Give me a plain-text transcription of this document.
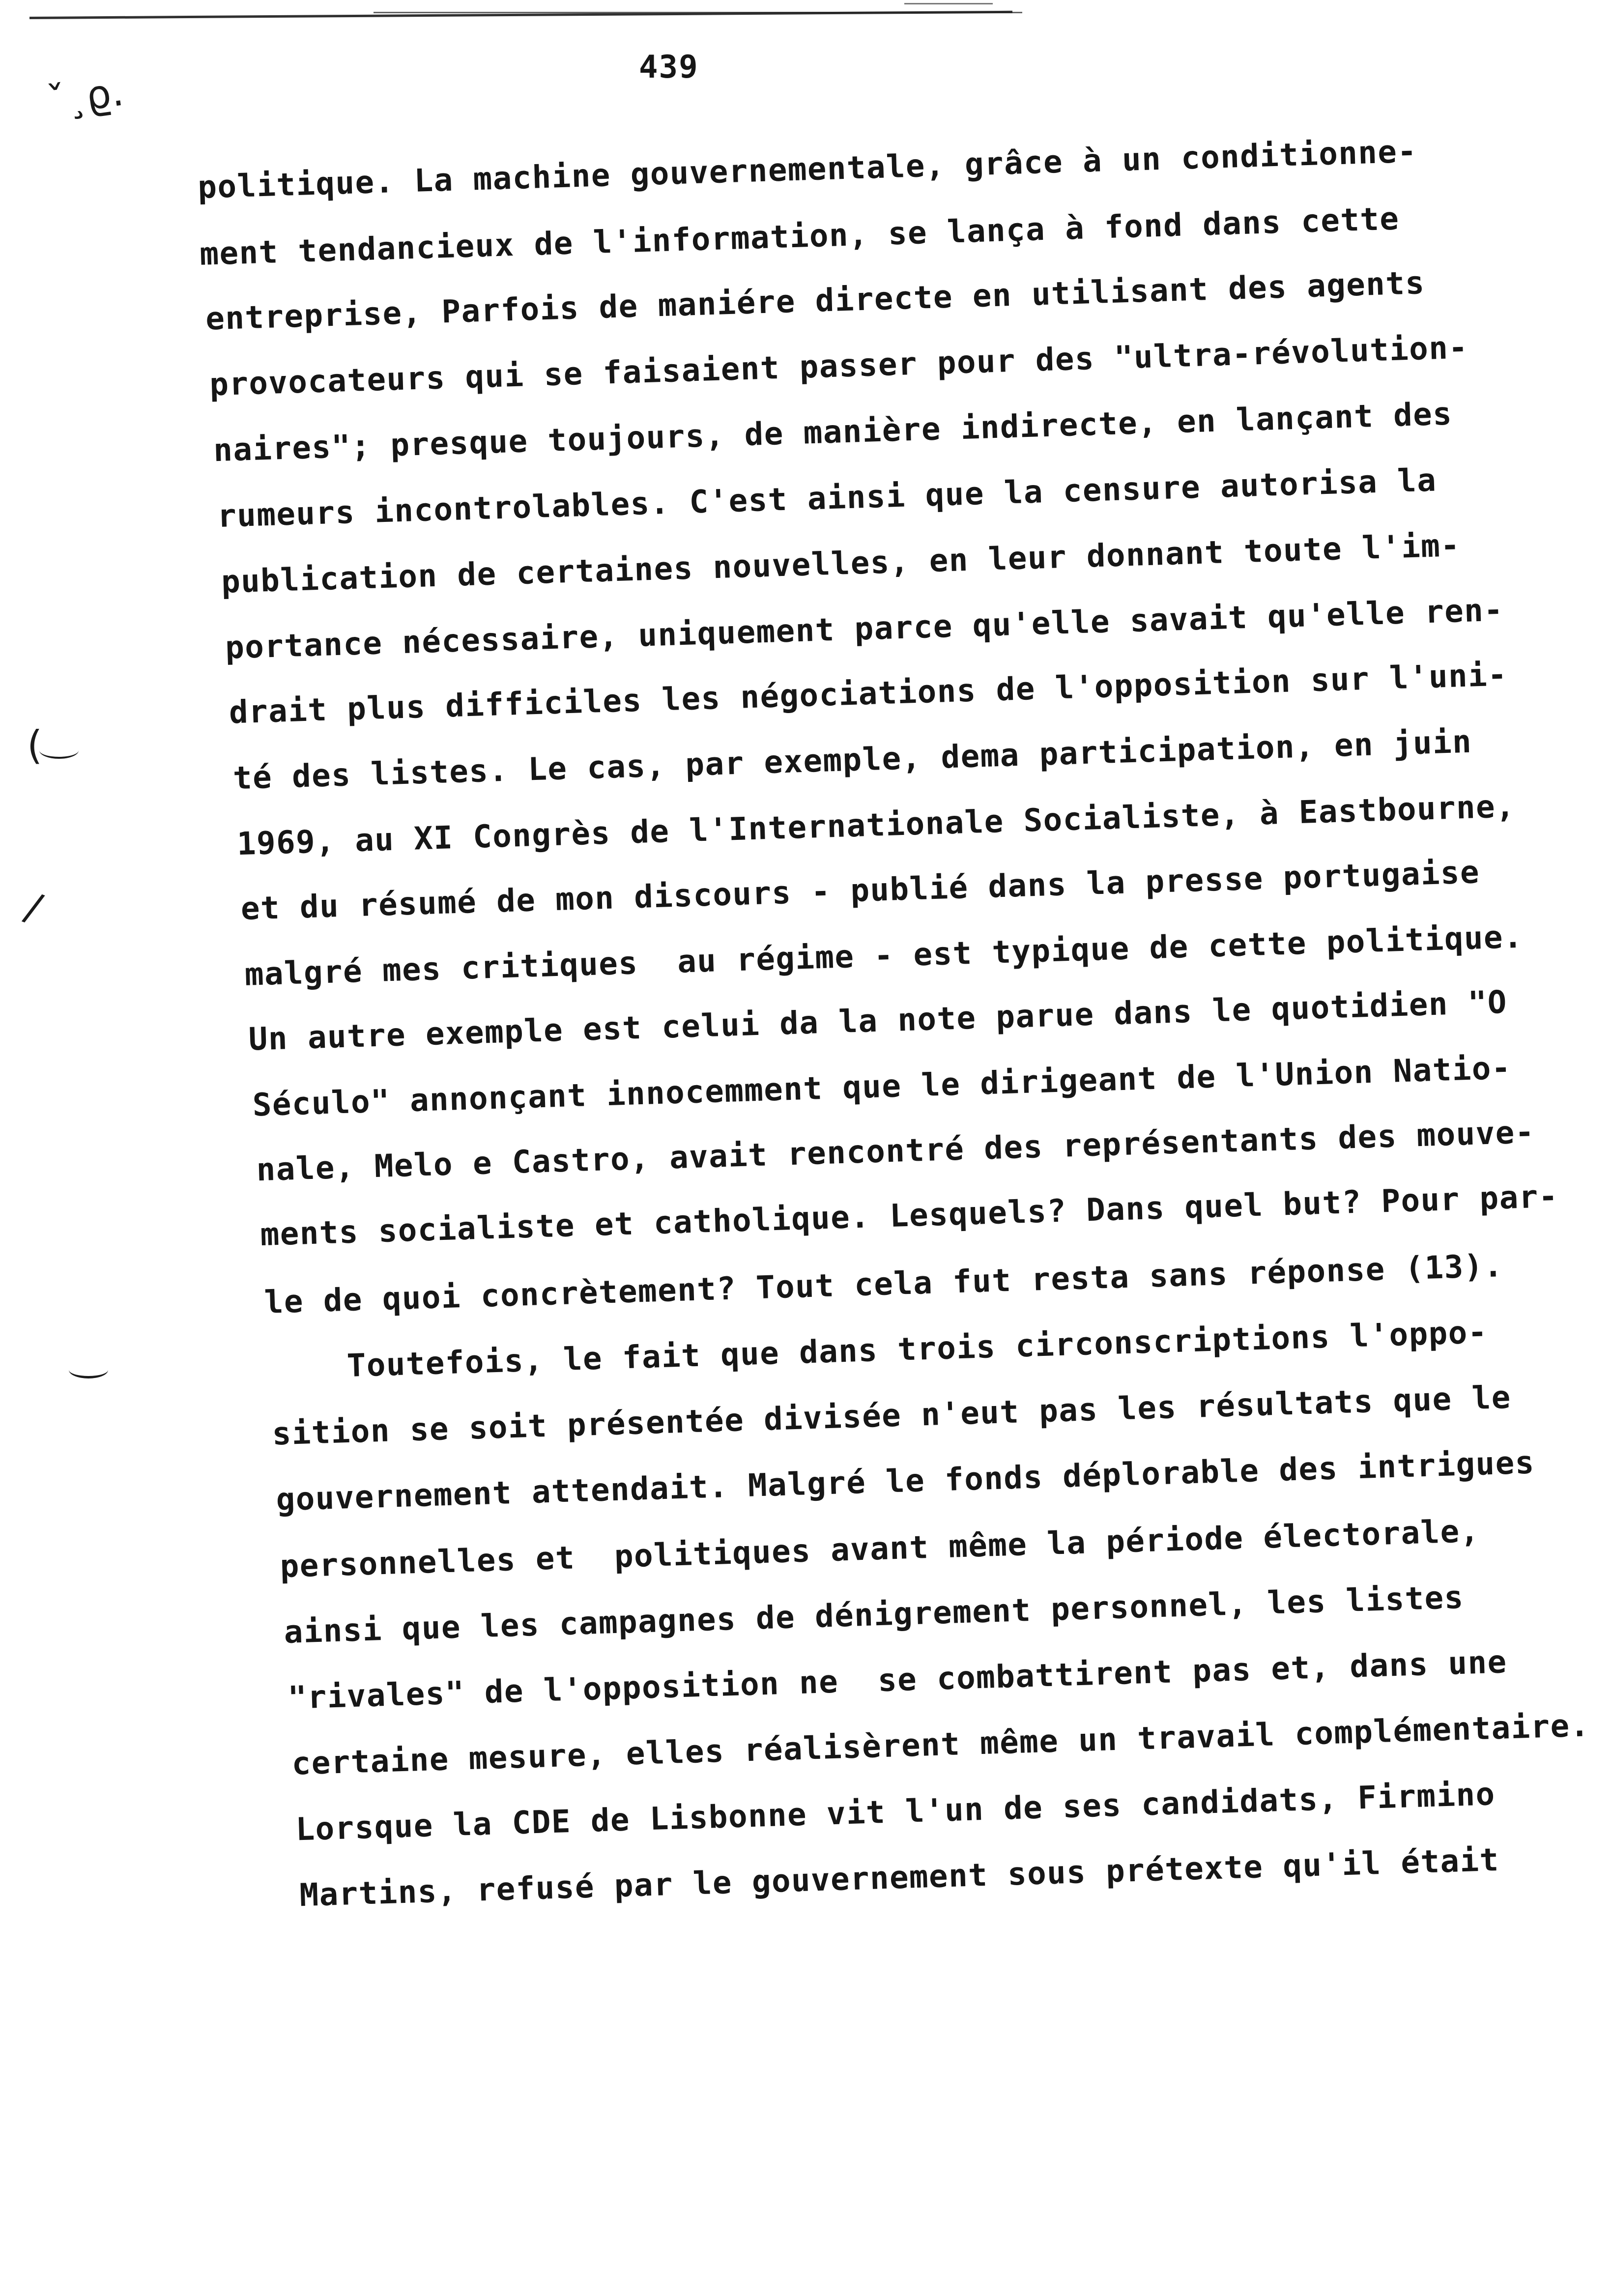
439
ˇ¸ϱ.
(
/
politique. La machine gouvernementale, grâce à un conditionne-
ment tendancieux de l'information, se lança à fond dans cette
entreprise, Parfois de maniére directe en utilisant des agents
provocateurs qui se faisaient passer pour des "ultra-révolution-
naires"; presque toujours, de manière indirecte, en lançant des
rumeurs incontrolables. C'est ainsi que la censure autorisa la
publication de certaines nouvelles, en leur donnant toute l'im-
portance nécessaire, uniquement parce qu'elle savait qu'elle ren-
drait plus difficiles les négociations de l'opposition sur l'uni-
té des listes. Le cas, par exemple, dema participation, en juin
1969, au XI Congrès de l'Internationale Socialiste, à Eastbourne,
et du résumé de mon discours - publié dans la presse portugaise
malgré mes critiques  au régime - est typique de cette politique.
Un autre exemple est celui da la note parue dans le quotidien "O
Século" annonçant innocemment que le dirigeant de l'Union Natio-
nale, Melo e Castro, avait rencontré des représentants des mouve-
ments socialiste et catholique. Lesquels? Dans quel but? Pour par-
le de quoi concrètement? Tout cela fut resta sans réponse (13).
Toutefois, le fait que dans trois circonscriptions l'oppo-
sition se soit présentée divisée n'eut pas les résultats que le
gouvernement attendait. Malgré le fonds déplorable des intrigues
personnelles et  politiques avant même la période électorale,
ainsi que les campagnes de dénigrement personnel, les listes
"rivales" de l'opposition ne  se combattirent pas et, dans une
certaine mesure, elles réalisèrent même un travail complémentaire.
Lorsque la CDE de Lisbonne vit l'un de ses candidats, Firmino
Martins, refusé par le gouvernement sous prétexte qu'il était
